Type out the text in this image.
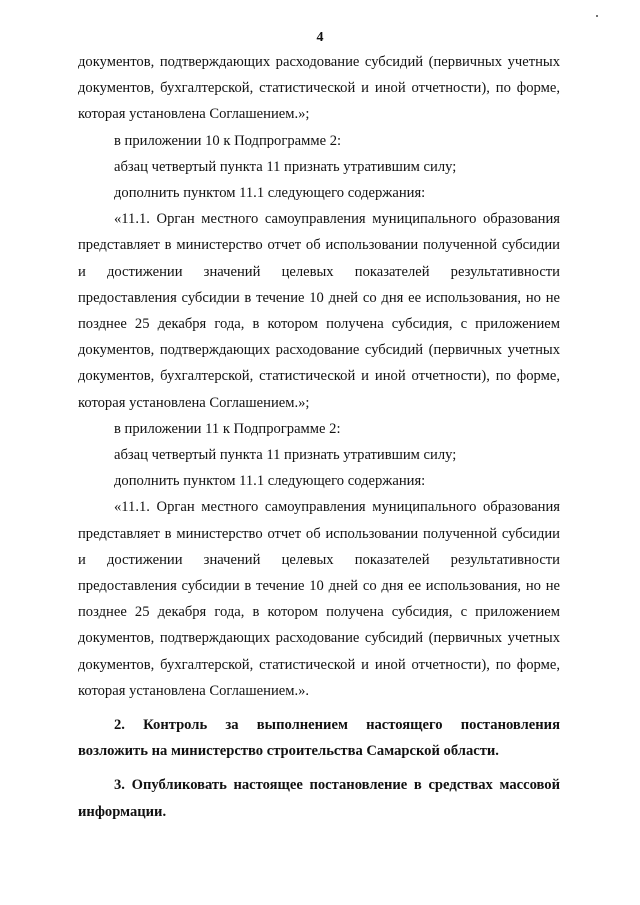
4

документов, подтверждающих расходование субсидий (первичных учетных документов, бухгалтерской, статистической и иной отчетности), по форме, которая установлена Соглашением.»;

в приложении 10 к Подпрограмме 2:

абзац четвертый пункта 11 признать утратившим силу;

дополнить пунктом 11.1 следующего содержания:

«11.1. Орган местного самоуправления муниципального образования представляет в министерство отчет об использовании полученной субсидии и достижении значений целевых показателей результативности предоставления субсидии в течение 10 дней со дня ее использования, но не позднее 25 декабря года, в котором получена субсидия, с приложением документов, подтверждающих расходование субсидий (первичных учетных документов, бухгалтерской, статистической и иной отчетности), по форме, которая установлена Соглашением.»;

в приложении 11 к Подпрограмме 2:

абзац четвертый пункта 11 признать утратившим силу;

дополнить пунктом 11.1 следующего содержания:

«11.1. Орган местного самоуправления муниципального образования представляет в министерство отчет об использовании полученной субсидии и достижении значений целевых показателей результативности предоставления субсидии в течение 10 дней со дня ее использования, но не позднее 25 декабря года, в котором получена субсидия, с приложением документов, подтверждающих расходование субсидий (первичных учетных документов, бухгалтерской, статистической и иной отчетности), по форме, которая установлена Соглашением.».

2. Контроль за выполнением настоящего постановления возложить на министерство строительства Самарской области.

3. Опубликовать настоящее постановление в средствах массовой информации.
